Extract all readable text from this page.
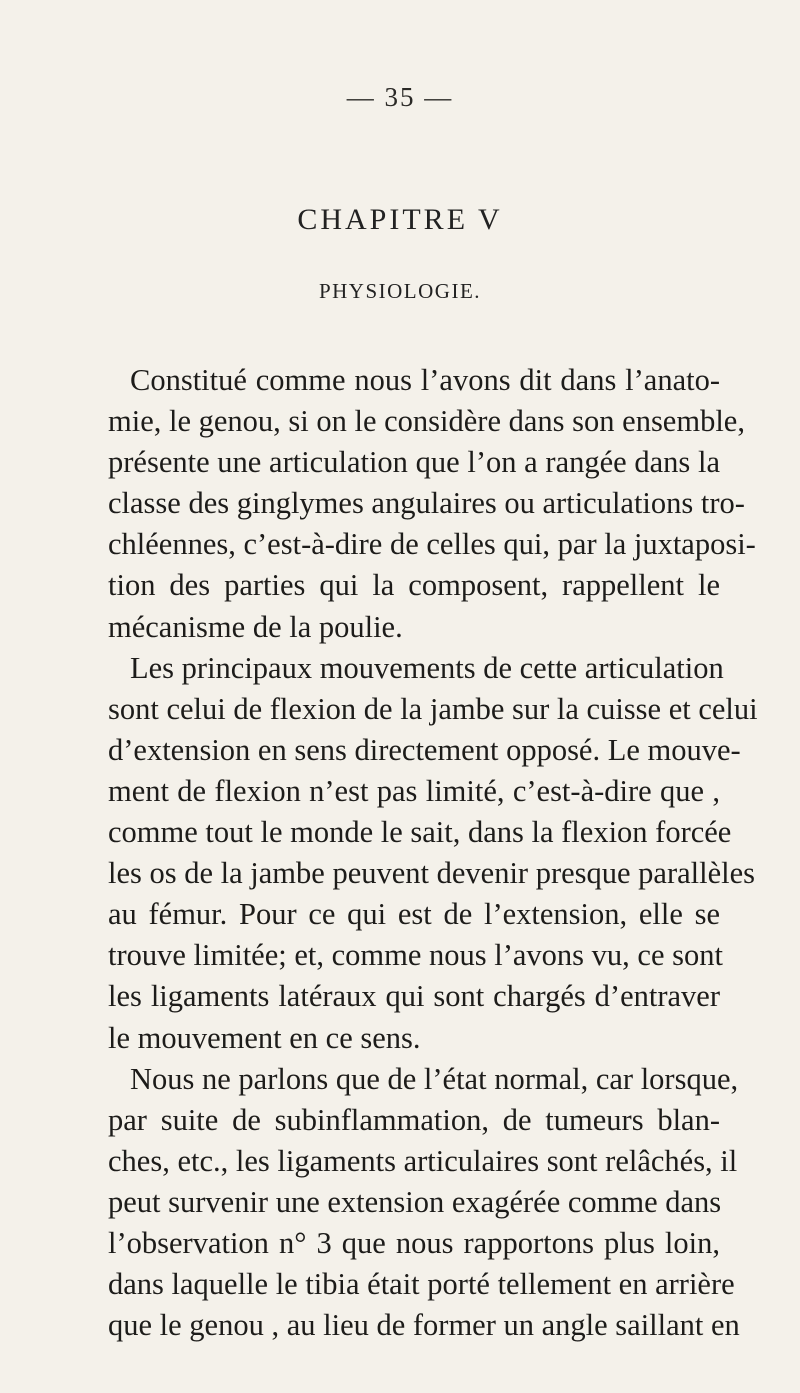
— 35 —
CHAPITRE V
PHYSIOLOGIE.
Constitué comme nous l’avons dit dans l’anato-
mie, le genou, si on le considère dans son ensemble,
présente une articulation que l’on a rangée dans la
classe des ginglymes angulaires ou articulations tro-
chléennes, c’est-à-dire de celles qui, par la juxtaposi-
tion des parties qui la composent, rappellent le
mécanisme de la poulie.
Les principaux mouvements de cette articulation
sont celui de flexion de la jambe sur la cuisse et celui
d’extension en sens directement opposé. Le mouve-
ment de flexion n’est pas limité, c’est-à-dire que ,
comme tout le monde le sait, dans la flexion forcée
les os de la jambe peuvent devenir presque parallèles
au fémur. Pour ce qui est de l’extension, elle se
trouve limitée; et, comme nous l’avons vu, ce sont
les ligaments latéraux qui sont chargés d’entraver
le mouvement en ce sens.
Nous ne parlons que de l’état normal, car lorsque,
par suite de subinflammation, de tumeurs blan-
ches, etc., les ligaments articulaires sont relâchés, il
peut survenir une extension exagérée comme dans
l’observation n° 3 que nous rapportons plus loin,
dans laquelle le tibia était porté tellement en arrière
que le genou , au lieu de former un angle saillant en
